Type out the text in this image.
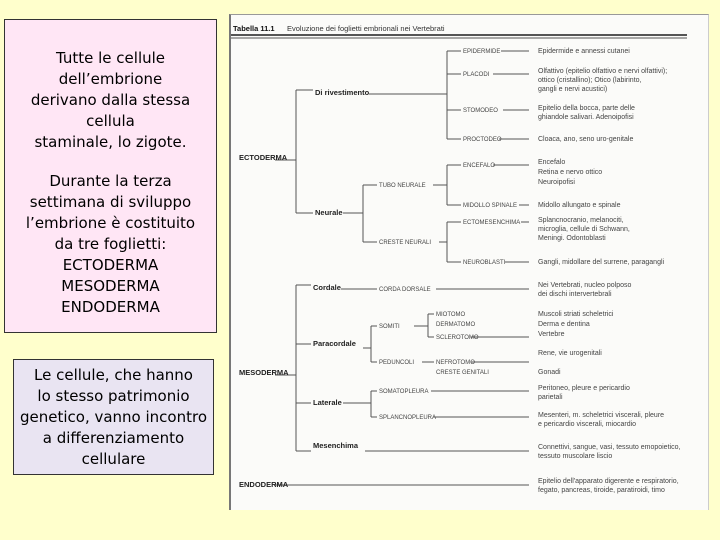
Tutte le cellule

dell’embrione

derivano dalla stessa cellula

staminale, lo zigote.

Durante la terza

settimana di sviluppo

l’embrione è costituito

da tre foglietti:

ECTODERMA

MESODERMA

ENDODERMA

Le cellule, che hanno

lo stesso patrimonio

genetico, vanno incontro

a differenziamento

cellulare

Tabella 11.1 Evoluzione dei foglietti embrionali nei Vertebrati
ECTODERMA
MESODERMA
ENDODERMA
Di rivestimento
Neurale
Cordale
Paracordale
Laterale
Mesenchima
TUBO NEURALE
CRESTE NEURALI
CORDA DORSALE
SOMITI
PEDUNCOLI
SOMATOPLEURA
SPLANCNOPLEURA
EPIDERMIDE
PLACODI
STOMODEO
PROCTODEO
ENCEFALO
MIDOLLO SPINALE
ECTOMESENCHIMA
NEUROBLASTI
MIOTOMO
DERMATOMO
SCLEROTOMO
NEFROTOMO
CRESTE GENITALI
Epidermide e annessi cutanei
Olfattivo (epitelio olfattivo e nervi olfattivi);
ottico (cristallino); Otico (labirinto,
gangli e nervi acustici)
Epitelio della bocca, parte delle
ghiandole salivari. Adenoipofisi
Cloaca, ano, seno uro-genitale
Encefalo
Retina e nervo ottico
Neuroipofisi
Midollo allungato e spinale
Splancnocranio, melanociti,
microglia, cellule di Schwann,
Meningi. Odontoblasti
Gangli, midollare del surrene, paragangli
Nei Vertebrati, nucleo polposo
dei dischi intervertebrali
Muscoli striati scheletrici
Derma e dentina
Vertebre
Rene, vie urogenitali
Gonadi
Peritoneo, pleure e pericardio
parietali
Mesenteri, m. scheletrici viscerali, pleure
e pericardio viscerali, miocardio
Connettivi, sangue, vasi, tessuto emopoietico,
tessuto muscolare liscio
Epitelio dell'apparato digerente e respiratorio,
fegato, pancreas, tiroide, paratiroidi, timo
